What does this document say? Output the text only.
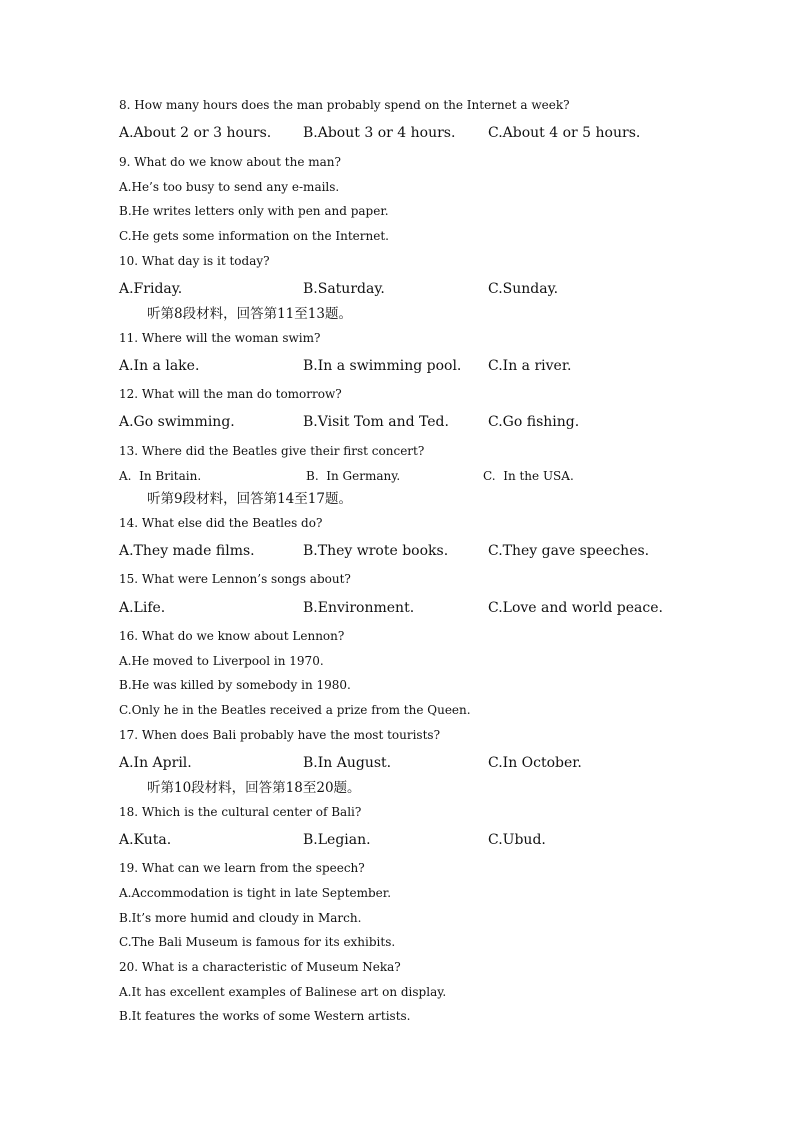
8. How many hours does the man probably spend on the Internet a week?
A.About 2 or 3 hours. B.About 3 or 4 hours. C.About 4 or 5 hours.
9. What do we know about the man?
A.He’s too busy to send any e-mails.
B.He writes letters only with pen and paper.
C.He gets some information on the Internet.
10. What day is it today?
A.Friday.	B.Saturday.	C.Sunday.
听第8段材料，回答第11至13题。
11. Where will the woman swim?
A.In a lake.	B.In a swimming pool. C.In a river.
12. What will the man do tomorrow?
A.Go swimming.	B.Visit Tom and Ted.	C.Go fishing.
13. Where did the Beatles give their first concert?
A.  In Britain.	B.  In Germany.	C.  In the USA.
听第9段材料，回答第14至17题。
14. What else did the Beatles do?
A.They made films.	B.They wrote books.	C.They gave speeches.
15. What were Lennon’s songs about?
A.Life.	B.Environment.	C.Love and world peace.
16. What do we know about Lennon?
A.He moved to Liverpool in 1970.
B.He was killed by somebody in 1980.
C.Only he in the Beatles received a prize from the Queen.
17. When does Bali probably have the most tourists?
A.In April.	B.In August.	C.In October.
听第10段材料，回答第18至20题。
18. Which is the cultural center of Bali?
A.Kuta.	B.Legian.	C.Ubud.
19. What can we learn from the speech?
A.Accommodation is tight in late September.
B.It’s more humid and cloudy in March.
C.The Bali Museum is famous for its exhibits.
20. What is a characteristic of Museum Neka?
A.It has excellent examples of Balinese art on display.
B.It features the works of some Western artists.
